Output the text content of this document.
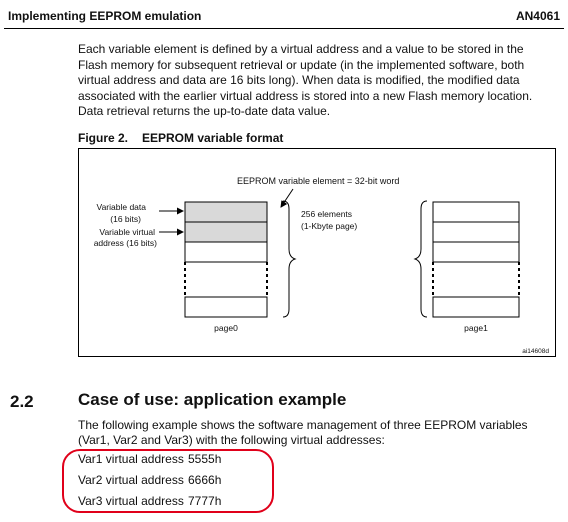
Implementing EEPROM emulation	AN4061

Each variable element is defined by a virtual address and a value to be stored in the Flash memory for subsequent retrieval or update (in the implemented software, both virtual address and data are 16 bits long). When data is modified, the modified data associated with the earlier virtual address is stored into a new Flash memory location. Data retrieval returns the up-to-date data value.

Figure 2. EEPROM variable format
EEPROM variable element = 32-bit word
Variable data
(16 bits)
Variable virtual
address (16 bits)
256 elements
(1-Kbyte page)
page0	page1
ai14608d
2.2	Case of use: application example

The following example shows the software management of three EEPROM variables (Var1, Var2 and Var3) with the following virtual addresses:

Var1 virtual address 5555h
Var2 virtual address 6666h
Var3 virtual address 7777h
